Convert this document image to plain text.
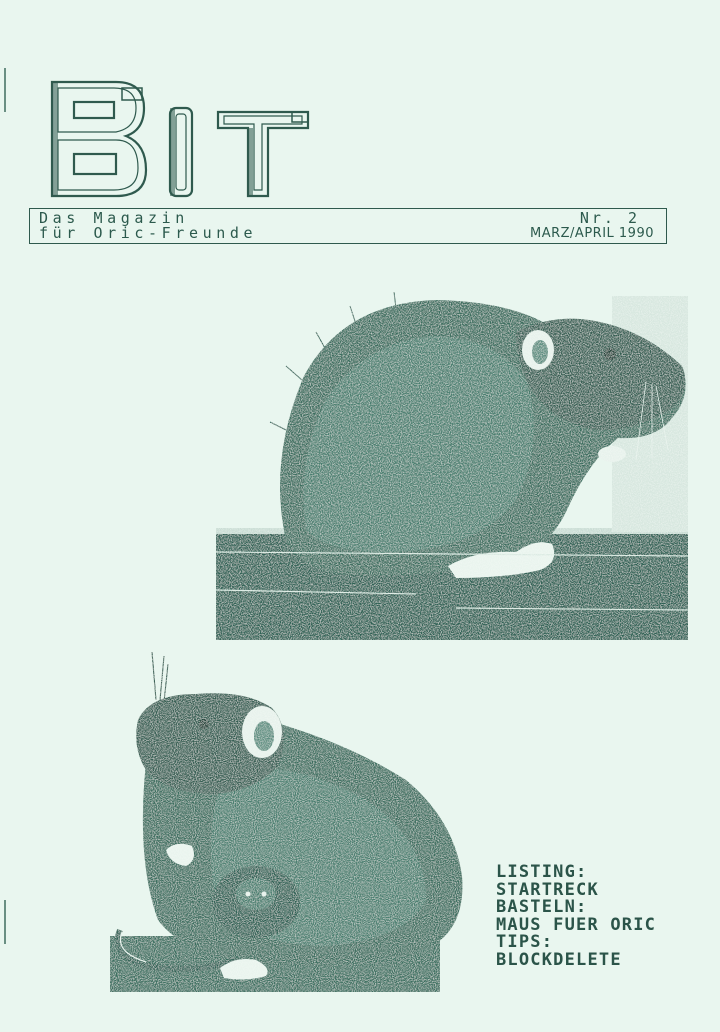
Das Magazin
für Oric-Freunde
Nr. 2
MARZ/APRIL 1990
LISTING:
STARTRECK
BASTELN:
MAUS FUER ORIC
TIPS:
BLOCKDELETE
